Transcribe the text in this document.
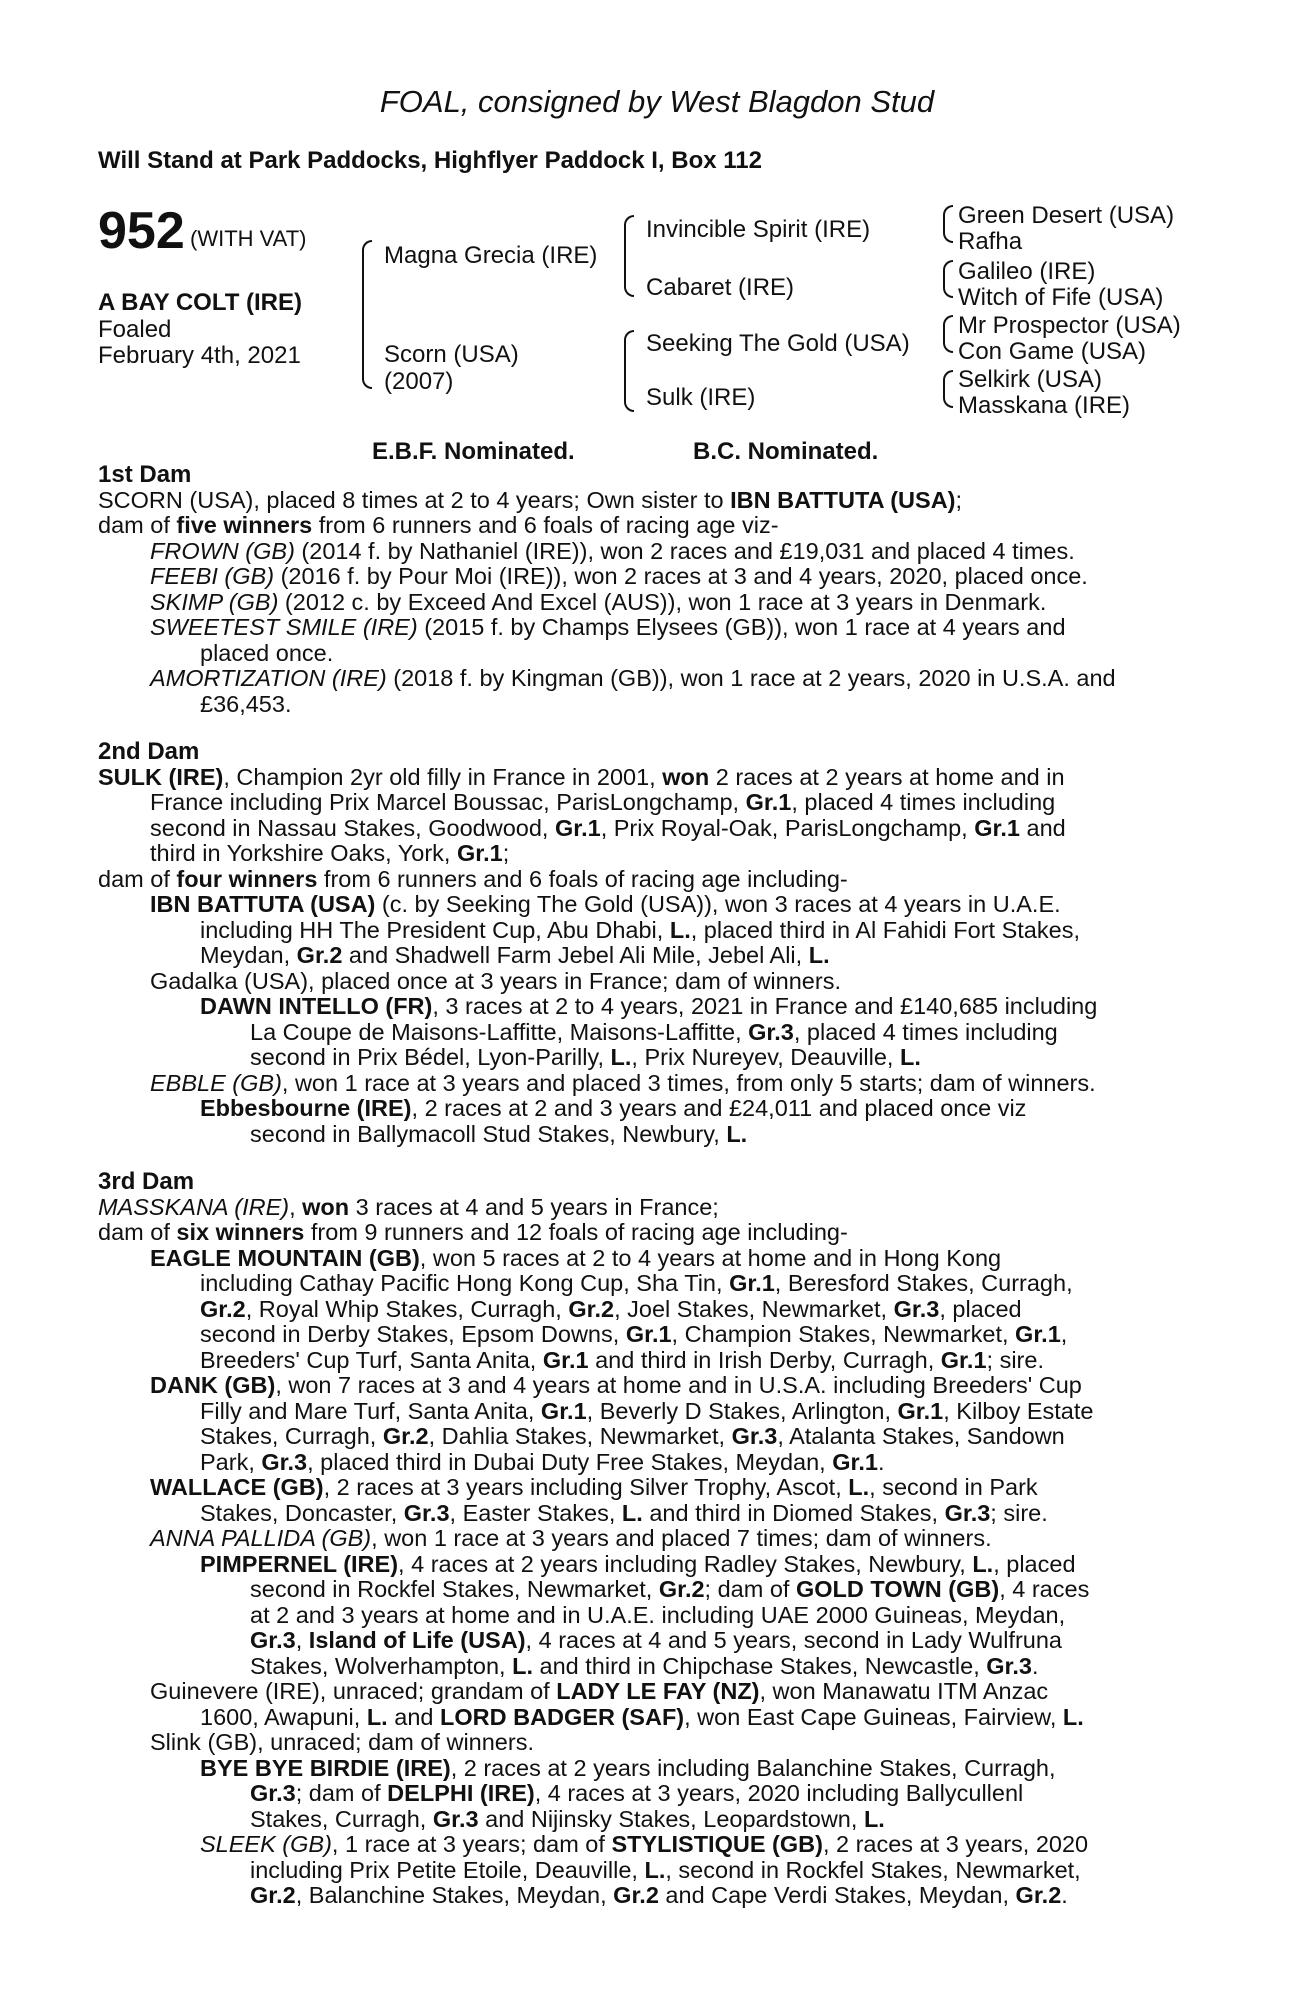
FOAL, consigned by West Blagdon Stud
Will Stand at Park Paddocks, Highflyer Paddock I, Box 112
952 (WITH VAT)
A BAY COLT (IRE)
Foaled
February 4th, 2021
Magna Grecia (IRE)
Scorn (USA)
(2007)
Invincible Spirit (IRE)
Cabaret (IRE)
Seeking The Gold (USA)
Sulk (IRE)
Green Desert (USA)
Rafha
Galileo (IRE)
Witch of Fife (USA)
Mr Prospector (USA)
Con Game (USA)
Selkirk (USA)
Masskana (IRE)
E.B.F. Nominated.	B.C. Nominated.

1st Dam

SCORN (USA), placed 8 times at 2 to 4 years; Own sister to IBN BATTUTA (USA);

dam of five winners from 6 runners and 6 foals of racing age viz-

FROWN (GB) (2014 f. by Nathaniel (IRE)), won 2 races and £19,031 and placed 4 times.

FEEBI (GB) (2016 f. by Pour Moi (IRE)), won 2 races at 3 and 4 years, 2020, placed once.

SKIMP (GB) (2012 c. by Exceed And Excel (AUS)), won 1 race at 3 years in Denmark.

SWEETEST SMILE (IRE) (2015 f. by Champs Elysees (GB)), won 1 race at 4 years and

placed once.

AMORTIZATION (IRE) (2018 f. by Kingman (GB)), won 1 race at 2 years, 2020 in U.S.A. and

£36,453.

2nd Dam

SULK (IRE), Champion 2yr old filly in France in 2001, won 2 races at 2 years at home and in

France including Prix Marcel Boussac, ParisLongchamp, Gr.1, placed 4 times including

second in Nassau Stakes, Goodwood, Gr.1, Prix Royal-Oak, ParisLongchamp, Gr.1 and

third in Yorkshire Oaks, York, Gr.1;

dam of four winners from 6 runners and 6 foals of racing age including-

IBN BATTUTA (USA) (c. by Seeking The Gold (USA)), won 3 races at 4 years in U.A.E.

including HH The President Cup, Abu Dhabi, L., placed third in Al Fahidi Fort Stakes,

Meydan, Gr.2 and Shadwell Farm Jebel Ali Mile, Jebel Ali, L.

Gadalka (USA), placed once at 3 years in France; dam of winners.

DAWN INTELLO (FR), 3 races at 2 to 4 years, 2021 in France and £140,685 including

La Coupe de Maisons-Laffitte, Maisons-Laffitte, Gr.3, placed 4 times including

second in Prix Bédel, Lyon-Parilly, L., Prix Nureyev, Deauville, L.

EBBLE (GB), won 1 race at 3 years and placed 3 times, from only 5 starts; dam of winners.

Ebbesbourne (IRE), 2 races at 2 and 3 years and £24,011 and placed once viz

second in Ballymacoll Stud Stakes, Newbury, L.

3rd Dam

MASSKANA (IRE), won 3 races at 4 and 5 years in France;

dam of six winners from 9 runners and 12 foals of racing age including-

EAGLE MOUNTAIN (GB), won 5 races at 2 to 4 years at home and in Hong Kong

including Cathay Pacific Hong Kong Cup, Sha Tin, Gr.1, Beresford Stakes, Curragh,

Gr.2, Royal Whip Stakes, Curragh, Gr.2, Joel Stakes, Newmarket, Gr.3, placed

second in Derby Stakes, Epsom Downs, Gr.1, Champion Stakes, Newmarket, Gr.1,

Breeders' Cup Turf, Santa Anita, Gr.1 and third in Irish Derby, Curragh, Gr.1; sire.

DANK (GB), won 7 races at 3 and 4 years at home and in U.S.A. including Breeders' Cup

Filly and Mare Turf, Santa Anita, Gr.1, Beverly D Stakes, Arlington, Gr.1, Kilboy Estate

Stakes, Curragh, Gr.2, Dahlia Stakes, Newmarket, Gr.3, Atalanta Stakes, Sandown

Park, Gr.3, placed third in Dubai Duty Free Stakes, Meydan, Gr.1.

WALLACE (GB), 2 races at 3 years including Silver Trophy, Ascot, L., second in Park

Stakes, Doncaster, Gr.3, Easter Stakes, L. and third in Diomed Stakes, Gr.3; sire.

ANNA PALLIDA (GB), won 1 race at 3 years and placed 7 times; dam of winners.

PIMPERNEL (IRE), 4 races at 2 years including Radley Stakes, Newbury, L., placed

second in Rockfel Stakes, Newmarket, Gr.2; dam of GOLD TOWN (GB), 4 races

at 2 and 3 years at home and in U.A.E. including UAE 2000 Guineas, Meydan,

Gr.3, Island of Life (USA), 4 races at 4 and 5 years, second in Lady Wulfruna

Stakes, Wolverhampton, L. and third in Chipchase Stakes, Newcastle, Gr.3.

Guinevere (IRE), unraced; grandam of LADY LE FAY (NZ), won Manawatu ITM Anzac

1600, Awapuni, L. and LORD BADGER (SAF), won East Cape Guineas, Fairview, L.

Slink (GB), unraced; dam of winners.

BYE BYE BIRDIE (IRE), 2 races at 2 years including Balanchine Stakes, Curragh,

Gr.3; dam of DELPHI (IRE), 4 races at 3 years, 2020 including Ballycullenl

Stakes, Curragh, Gr.3 and Nijinsky Stakes, Leopardstown, L.

SLEEK (GB), 1 race at 3 years; dam of STYLISTIQUE (GB), 2 races at 3 years, 2020

including Prix Petite Etoile, Deauville, L., second in Rockfel Stakes, Newmarket,

Gr.2, Balanchine Stakes, Meydan, Gr.2 and Cape Verdi Stakes, Meydan, Gr.2.
